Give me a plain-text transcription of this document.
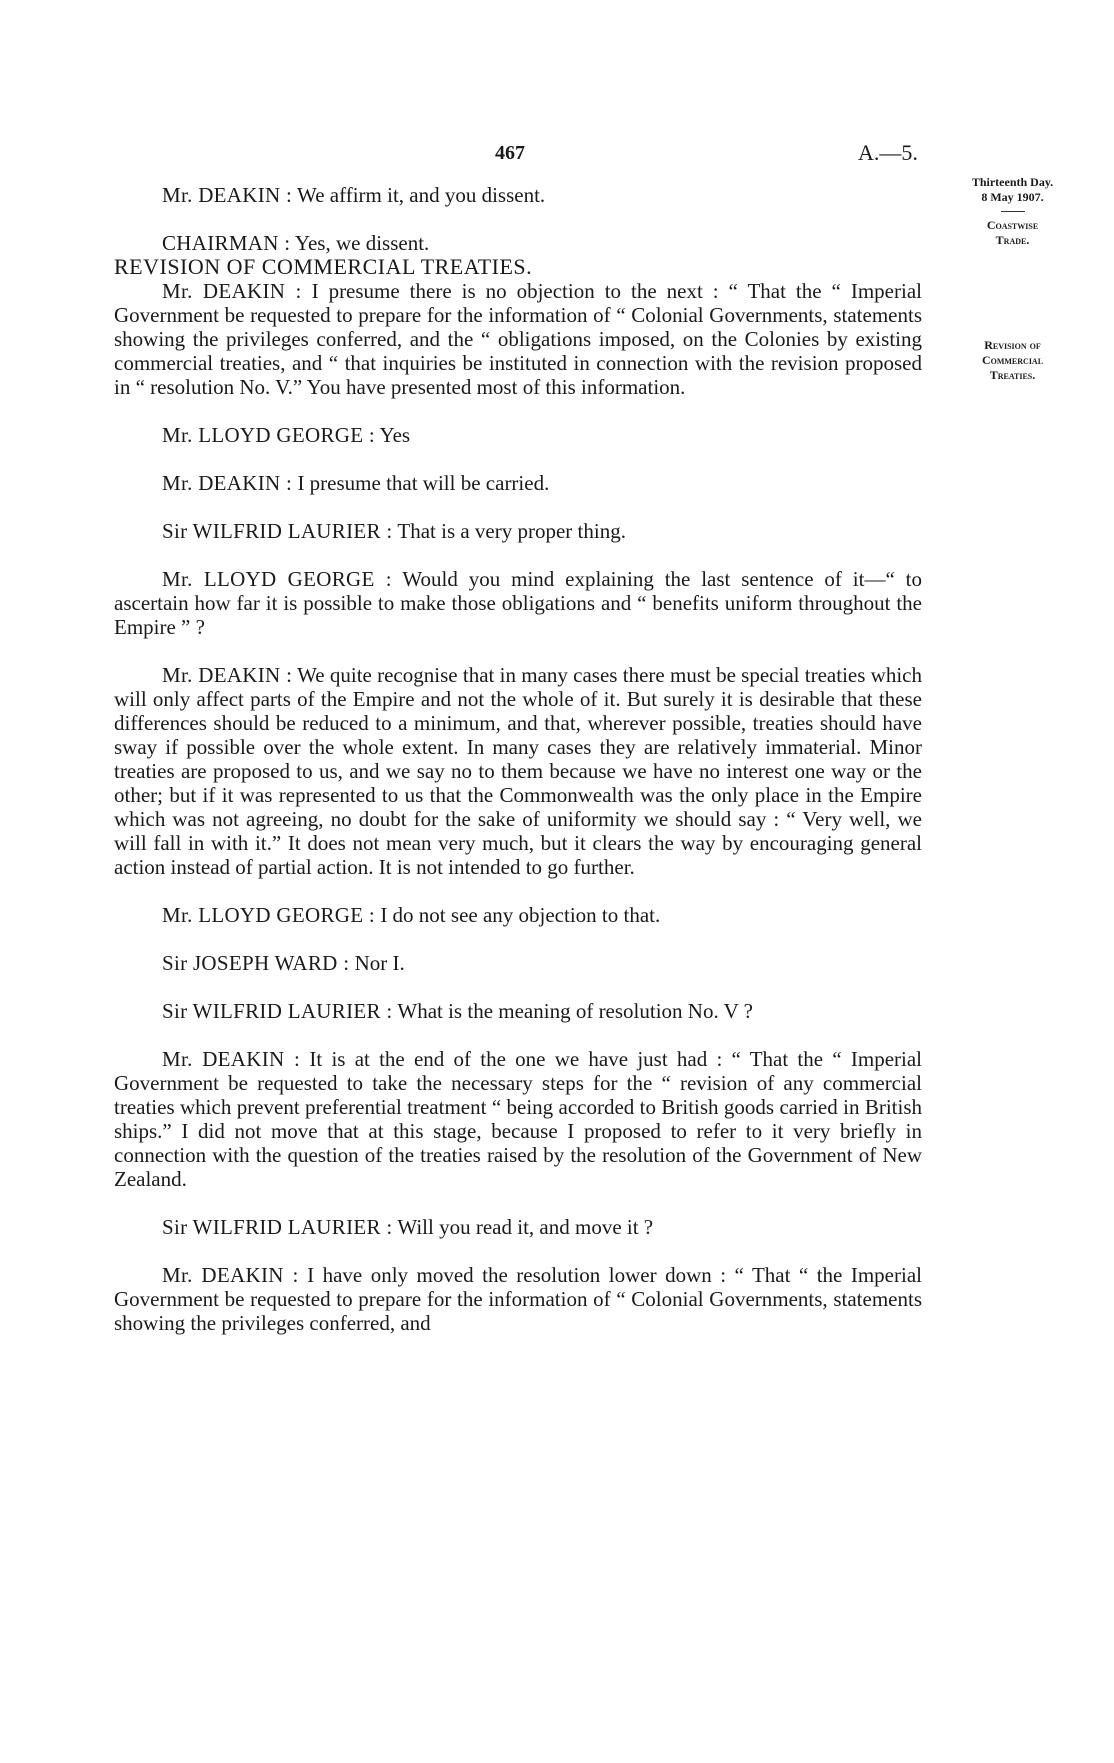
467	A.—5.
Thirteenth Day.
8 May 1907.
Coastwise
Trade.
Revision of
Commercial
Treaties.

Mr. DEAKIN : We affirm it, and you dissent.

CHAIRMAN : Yes, we dissent.

REVISION OF COMMERCIAL TREATIES.

Mr. DEAKIN : I presume there is no objection to the next : “ That the “ Imperial Government be requested to prepare for the information of “ Colonial Governments, statements showing the privileges conferred, and the “ obligations imposed, on the Colonies by existing commercial treaties, and “ that inquiries be instituted in connection with the revision proposed in “ resolution No. V.” You have presented most of this information.

Mr. LLOYD GEORGE : Yes

Mr. DEAKIN : I presume that will be carried.

Sir WILFRID LAURIER : That is a very proper thing.

Mr. LLOYD GEORGE : Would you mind explaining the last sentence of it—“ to ascertain how far it is possible to make those obligations and “ benefits uniform throughout the Empire ” ?

Mr. DEAKIN : We quite recognise that in many cases there must be special treaties which will only affect parts of the Empire and not the whole of it. But surely it is desirable that these differences should be reduced to a minimum, and that, wherever possible, treaties should have sway if possible over the whole extent. In many cases they are relatively immaterial. Minor treaties are proposed to us, and we say no to them because we have no interest one way or the other; but if it was represented to us that the Commonwealth was the only place in the Empire which was not agreeing, no doubt for the sake of uniformity we should say : “ Very well, we will fall in with it.” It does not mean very much, but it clears the way by encouraging general action instead of partial action. It is not intended to go further.

Mr. LLOYD GEORGE : I do not see any objection to that.

Sir JOSEPH WARD : Nor I.

Sir WILFRID LAURIER : What is the meaning of resolution No. V ?

Mr. DEAKIN : It is at the end of the one we have just had : “ That the “ Imperial Government be requested to take the necessary steps for the “ revision of any commercial treaties which prevent preferential treatment “ being accorded to British goods carried in British ships.” I did not move that at this stage, because I proposed to refer to it very briefly in connection with the question of the treaties raised by the resolution of the Government of New Zealand.

Sir WILFRID LAURIER : Will you read it, and move it ?

Mr. DEAKIN : I have only moved the resolution lower down : “ That “ the Imperial Government be requested to prepare for the information of “ Colonial Governments, statements showing the privileges conferred, and
